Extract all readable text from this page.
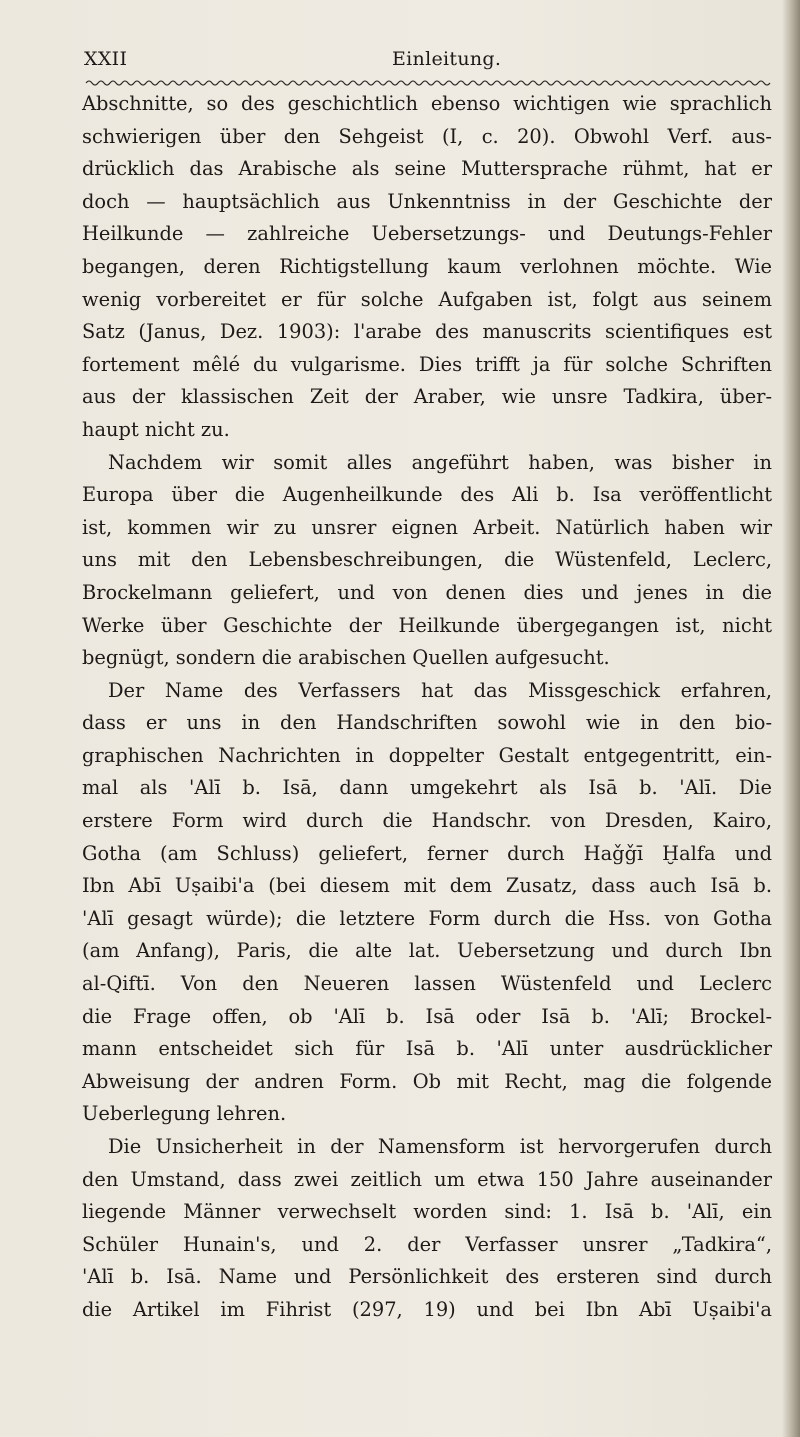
XXII	Einleitung.
Abschnitte, so des geschichtlich ebenso wichtigen wie sprachlich
schwierigen über den Sehgeist (I, c. 20). Obwohl Verf. aus-
drücklich das Arabische als seine Muttersprache rühmt, hat er
doch — hauptsächlich aus Unkenntniss in der Geschichte der
Heilkunde — zahlreiche Uebersetzungs- und Deutungs-Fehler
begangen, deren Richtigstellung kaum verlohnen möchte. Wie
wenig vorbereitet er für solche Aufgaben ist, folgt aus seinem
Satz (Janus, Dez. 1903): l'arabe des manuscrits scientifiques est
fortement mêlé du vulgarisme. Dies trifft ja für solche Schriften
aus der klassischen Zeit der Araber, wie unsre Tadkira, über-
haupt nicht zu.
Nachdem wir somit alles angeführt haben, was bisher in
Europa über die Augenheilkunde des Ali b. Isa veröffentlicht
ist, kommen wir zu unsrer eignen Arbeit. Natürlich haben wir
uns mit den Lebensbeschreibungen, die Wüstenfeld, Leclerc,
Brockelmann geliefert, und von denen dies und jenes in die
Werke über Geschichte der Heilkunde übergegangen ist, nicht
begnügt, sondern die arabischen Quellen aufgesucht.
Der Name des Verfassers hat das Missgeschick erfahren,
dass er uns in den Handschriften sowohl wie in den bio-
graphischen Nachrichten in doppelter Gestalt entgegentritt, ein-
mal als 'Alī b. Isā, dann umgekehrt als Isā b. 'Alī. Die
erstere Form wird durch die Handschr. von Dresden, Kairo,
Gotha (am Schluss) geliefert, ferner durch Haǧǧī Ḫalfa und
Ibn Abī Uṣaibi'a (bei diesem mit dem Zusatz, dass auch Isā b.
'Alī gesagt würde); die letztere Form durch die Hss. von Gotha
(am Anfang), Paris, die alte lat. Uebersetzung und durch Ibn
al-Qiftī. Von den Neueren lassen Wüstenfeld und Leclerc
die Frage offen, ob 'Alī b. Isā oder Isā b. 'Alī; Brockel-
mann entscheidet sich für Isā b. 'Alī unter ausdrücklicher
Abweisung der andren Form. Ob mit Recht, mag die folgende
Ueberlegung lehren.
Die Unsicherheit in der Namensform ist hervorgerufen durch
den Umstand, dass zwei zeitlich um etwa 150 Jahre auseinander
liegende Männer verwechselt worden sind: 1. Isā b. 'Alī, ein
Schüler Hunain's, und 2. der Verfasser unsrer „Tadkira“,
'Alī b. Isā. Name und Persönlichkeit des ersteren sind durch
die Artikel im Fihrist (297, 19) und bei Ibn Abī Uṣaibi'a
